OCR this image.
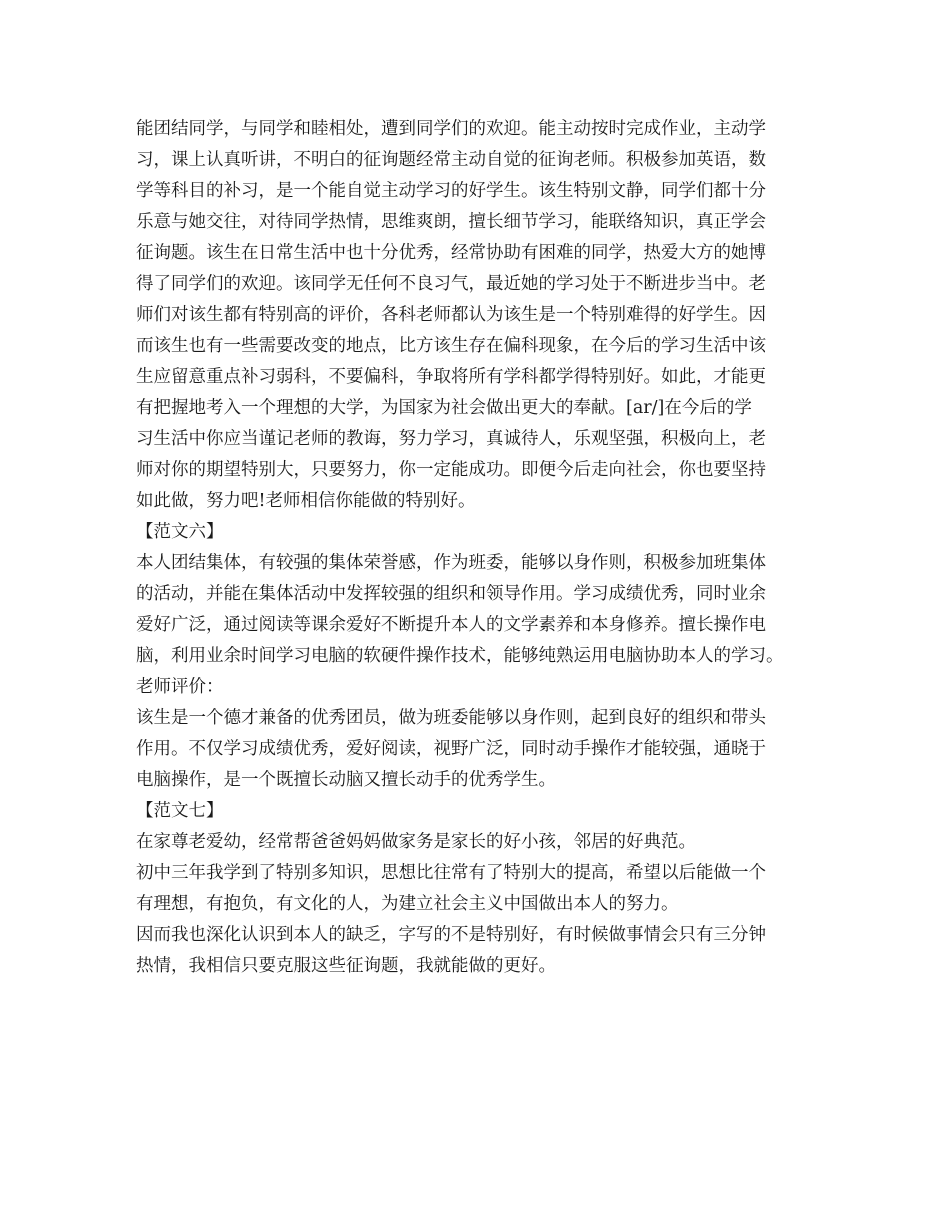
能团结同学，与同学和睦相处，遭到同学们的欢迎。能主动按时完成作业，主动学
习，课上认真听讲，不明白的征询题经常主动自觉的征询老师。积极参加英语，数
学等科目的补习，是一个能自觉主动学习的好学生。该生特别文静，同学们都十分
乐意与她交往，对待同学热情，思维爽朗，擅长细节学习，能联络知识，真正学会
征询题。该生在日常生活中也十分优秀，经常协助有困难的同学，热爱大方的她博
得了同学们的欢迎。该同学无任何不良习气，最近她的学习处于不断进步当中。老
师们对该生都有特别高的评价，各科老师都认为该生是一个特别难得的好学生。因
而该生也有一些需要改变的地点，比方该生存在偏科现象，在今后的学习生活中该
生应留意重点补习弱科，不要偏科，争取将所有学科都学得特别好。如此，才能更
有把握地考入一个理想的大学，为国家为社会做出更大的奉献。[ar/]在今后的学
习生活中你应当谨记老师的教诲，努力学习，真诚待人，乐观坚强，积极向上，老
师对你的期望特别大，只要努力，你一定能成功。即便今后走向社会，你也要坚持
如此做，努力吧!老师相信你能做的特别好。
【范文六】
本人团结集体，有较强的集体荣誉感，作为班委，能够以身作则，积极参加班集体
的活动，并能在集体活动中发挥较强的组织和领导作用。学习成绩优秀，同时业余
爱好广泛，通过阅读等课余爱好不断提升本人的文学素养和本身修养。擅长操作电
脑，利用业余时间学习电脑的软硬件操作技术，能够纯熟运用电脑协助本人的学习。
老师评价：
该生是一个德才兼备的优秀团员，做为班委能够以身作则，起到良好的组织和带头
作用。不仅学习成绩优秀，爱好阅读，视野广泛，同时动手操作才能较强，通晓于
电脑操作，是一个既擅长动脑又擅长动手的优秀学生。
【范文七】
在家尊老爱幼，经常帮爸爸妈妈做家务是家长的好小孩，邻居的好典范。
初中三年我学到了特别多知识，思想比往常有了特别大的提高，希望以后能做一个
有理想，有抱负，有文化的人，为建立社会主义中国做出本人的努力。
因而我也深化认识到本人的缺乏，字写的不是特别好，有时候做事情会只有三分钟
热情，我相信只要克服这些征询题，我就能做的更好。
